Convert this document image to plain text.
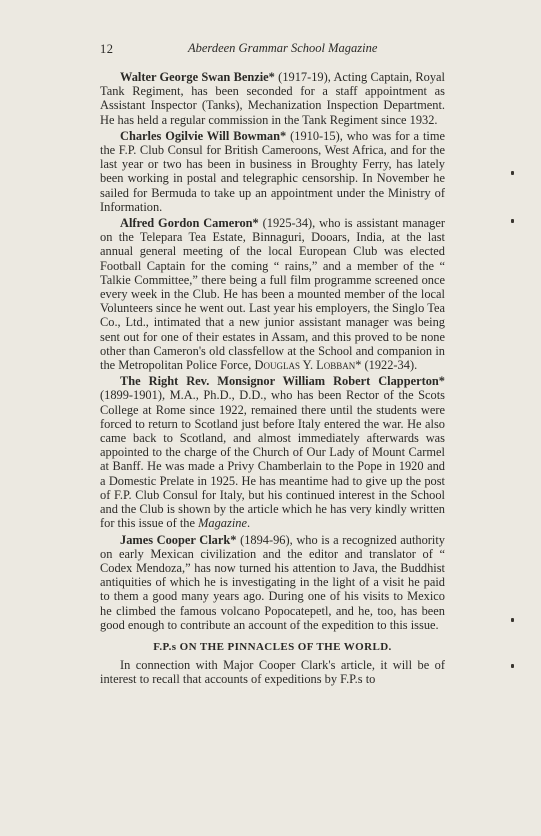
12	Aberdeen Grammar School Magazine

Walter George Swan Benzie* (1917-19), Acting Captain, Royal Tank Regiment, has been seconded for a staff appointment as Assistant Inspector (Tanks), Mechanization Inspection Department. He has held a regular commission in the Tank Regiment since 1932.

Charles Ogilvie Will Bowman* (1910-15), who was for a time the F.P. Club Consul for British Cameroons, West Africa, and for the last year or two has been in business in Broughty Ferry, has lately been working in postal and telegraphic censorship. In November he sailed for Bermuda to take up an appointment under the Ministry of Information.

Alfred Gordon Cameron* (1925-34), who is assistant manager on the Telepara Tea Estate, Binnaguri, Dooars, India, at the last annual general meeting of the local European Club was elected Football Captain for the coming “ rains,” and a member of the “ Talkie Committee,” there being a full film programme screened once every week in the Club. He has been a mounted member of the local Volunteers since he went out. Last year his employers, the Singlo Tea Co., Ltd., intimated that a new junior assistant manager was being sent out for one of their estates in Assam, and this proved to be none other than Cameron's old classfellow at the School and companion in the Metropolitan Police Force, Douglas Y. Lobban* (1922-34).

The Right Rev. Monsignor William Robert Clapperton* (1899-1901), M.A., Ph.D., D.D., who has been Rector of the Scots College at Rome since 1922, remained there until the students were forced to return to Scotland just before Italy entered the war. He also came back to Scotland, and almost immediately afterwards was appointed to the charge of the Church of Our Lady of Mount Carmel at Banff. He was made a Privy Chamberlain to the Pope in 1920 and a Domestic Prelate in 1925. He has meantime had to give up the post of F.P. Club Consul for Italy, but his continued interest in the School and the Club is shown by the article which he has very kindly written for this issue of the Magazine.

James Cooper Clark* (1894-96), who is a recognized authority on early Mexican civilization and the editor and translator of “ Codex Mendoza,” has now turned his attention to Java, the Buddhist antiquities of which he is investigating in the light of a visit he paid to them a good many years ago. During one of his visits to Mexico he climbed the famous volcano Popocatepetl, and he, too, has been good enough to contribute an account of the expedition to this issue.

F.P.s ON THE PINNACLES OF THE WORLD.

In connection with Major Cooper Clark's article, it will be of interest to recall that accounts of expeditions by F.P.s to
